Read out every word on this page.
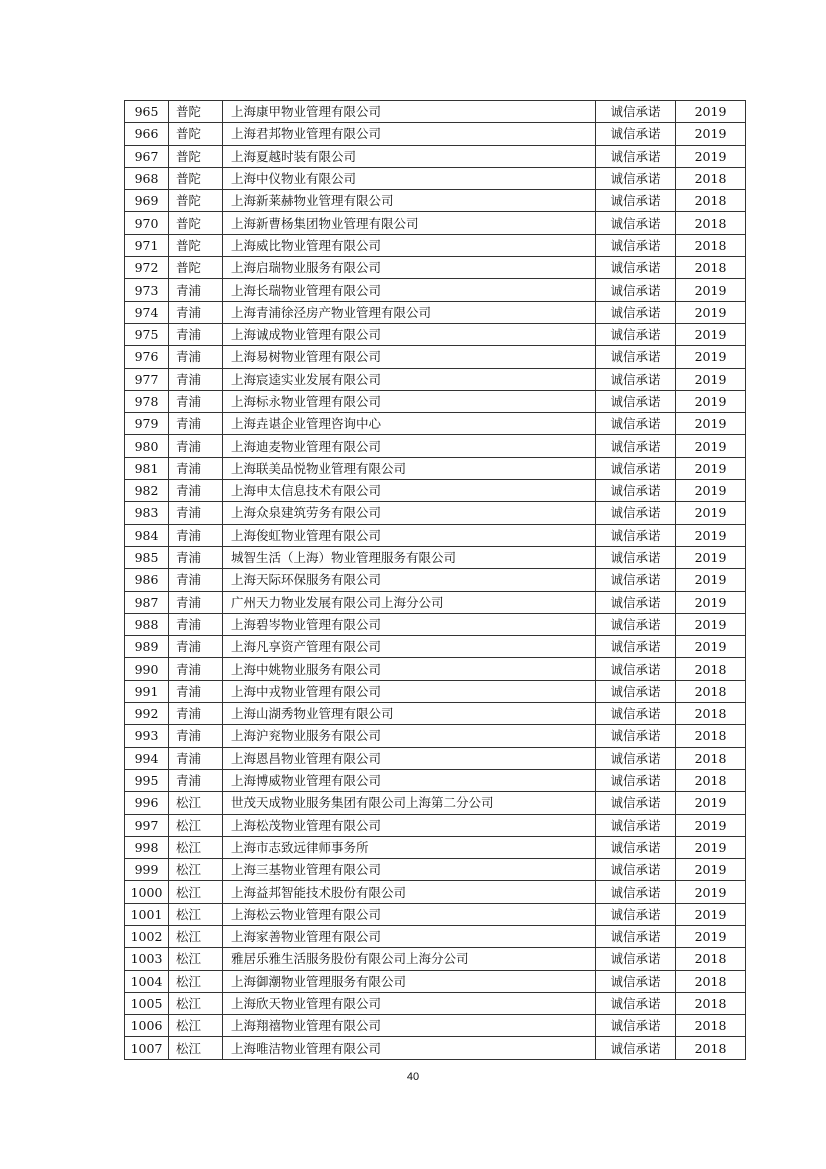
965	普陀	上海康甲物业管理有限公司	诚信承诺	2019
966	普陀	上海君邦物业管理有限公司	诚信承诺	2019
967	普陀	上海夏越时装有限公司	诚信承诺	2019
968	普陀	上海中仪物业有限公司	诚信承诺	2018
969	普陀	上海新莱赫物业管理有限公司	诚信承诺	2018
970	普陀	上海新曹杨集团物业管理有限公司	诚信承诺	2018
971	普陀	上海威比物业管理有限公司	诚信承诺	2018
972	普陀	上海启瑞物业服务有限公司	诚信承诺	2018
973	青浦	上海长瑞物业管理有限公司	诚信承诺	2019
974	青浦	上海青浦徐泾房产物业管理有限公司	诚信承诺	2019
975	青浦	上海诚成物业管理有限公司	诚信承诺	2019
976	青浦	上海易树物业管理有限公司	诚信承诺	2019
977	青浦	上海宸逵实业发展有限公司	诚信承诺	2019
978	青浦	上海标永物业管理有限公司	诚信承诺	2019
979	青浦	上海垚谌企业管理咨询中心	诚信承诺	2019
980	青浦	上海迪麦物业管理有限公司	诚信承诺	2019
981	青浦	上海联美品悦物业管理有限公司	诚信承诺	2019
982	青浦	上海申太信息技术有限公司	诚信承诺	2019
983	青浦	上海众泉建筑劳务有限公司	诚信承诺	2019
984	青浦	上海俊虹物业管理有限公司	诚信承诺	2019
985	青浦	城智生活（上海）物业管理服务有限公司	诚信承诺	2019
986	青浦	上海天际环保服务有限公司	诚信承诺	2019
987	青浦	广州天力物业发展有限公司上海分公司	诚信承诺	2019
988	青浦	上海碧岑物业管理有限公司	诚信承诺	2019
989	青浦	上海凡享资产管理有限公司	诚信承诺	2019
990	青浦	上海中姚物业服务有限公司	诚信承诺	2018
991	青浦	上海中戎物业管理有限公司	诚信承诺	2018
992	青浦	上海山湖秀物业管理有限公司	诚信承诺	2018
993	青浦	上海沪兖物业服务有限公司	诚信承诺	2018
994	青浦	上海恩昌物业管理有限公司	诚信承诺	2018
995	青浦	上海博威物业管理有限公司	诚信承诺	2018
996	松江	世茂天成物业服务集团有限公司上海第二分公司	诚信承诺	2019
997	松江	上海松茂物业管理有限公司	诚信承诺	2019
998	松江	上海市志致远律师事务所	诚信承诺	2019
999	松江	上海三基物业管理有限公司	诚信承诺	2019
1000	松江	上海益邦智能技术股份有限公司	诚信承诺	2019
1001	松江	上海松云物业管理有限公司	诚信承诺	2019
1002	松江	上海家善物业管理有限公司	诚信承诺	2019
1003	松江	雅居乐雅生活服务股份有限公司上海分公司	诚信承诺	2018
1004	松江	上海御潮物业管理服务有限公司	诚信承诺	2018
1005	松江	上海欣天物业管理有限公司	诚信承诺	2018
1006	松江	上海翔禧物业管理有限公司	诚信承诺	2018
1007	松江	上海唯洁物业管理有限公司	诚信承诺	2018
40
